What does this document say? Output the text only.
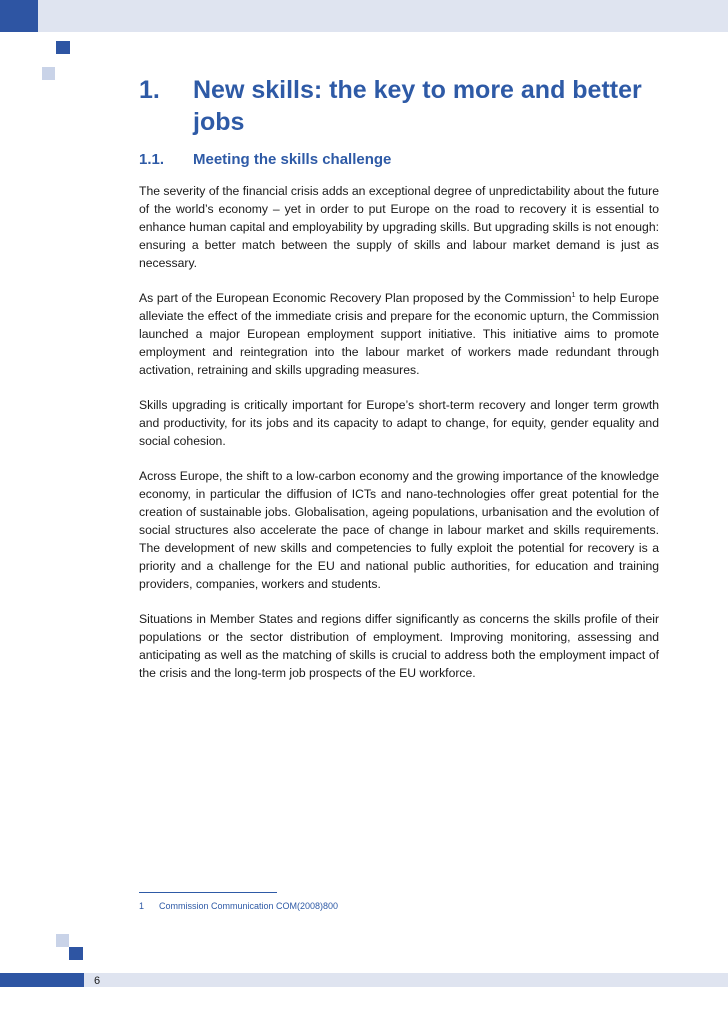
1.	New skills: the key to more and better jobs
1.1.	Meeting the skills challenge

The severity of the financial crisis adds an exceptional degree of unpredictability about the future of the world’s economy – yet in order to put Europe on the road to recovery it is essential to enhance human capital and employability by upgrading skills. But upgrading skills is not enough: ensuring a better match between the supply of skills and labour market demand is just as necessary.

As part of the European Economic Recovery Plan proposed by the Commission$^1$ to help Europe alleviate the effect of the immediate crisis and prepare for the economic upturn, the Commission launched a major European employment support initiative. This initiative aims to promote employment and reintegration into the labour market of workers made redundant through activation, retraining and skills upgrading measures.

Skills upgrading is critically important for Europe’s short-term recovery and longer term growth and productivity, for its jobs and its capacity to adapt to change, for equity, gender equality and social cohesion.

Across Europe, the shift to a low-carbon economy and the growing importance of the knowledge economy, in particular the diffusion of ICTs and nano-technologies offer great potential for the creation of sustainable jobs. Globalisation, ageing populations, urbanisation and the evolution of social structures also accelerate the pace of change in labour market and skills requirements. The development of new skills and competencies to fully exploit the potential for recovery is a priority and a challenge for the EU and national public authorities, for education and training providers, companies, workers and students.

Situations in Member States and regions differ significantly as concerns the skills profile of their populations or the sector distribution of employment. Improving monitoring, assessing and anticipating as well as the matching of skills is crucial to address both the employment impact of the crisis and the long-term job prospects of the EU workforce.

1	Commission Communication COM(2008)800
6
